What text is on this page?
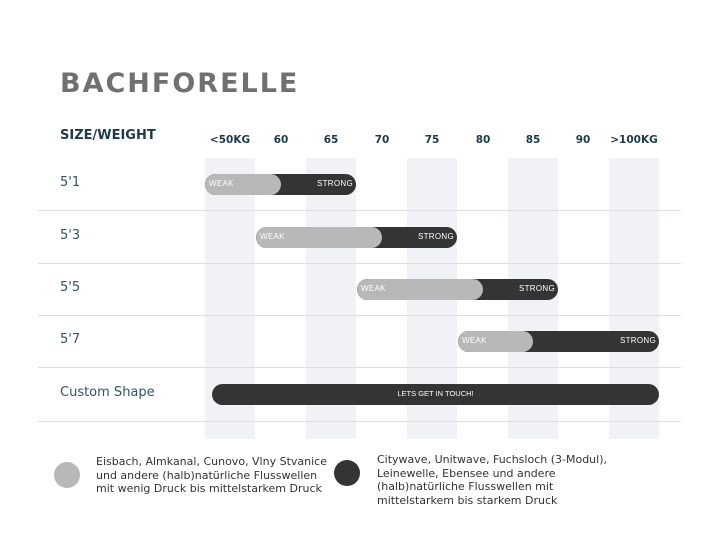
BACHFORELLE
SIZE/WEIGHT	<50KG	60	65	70	75	80	85	90	>100KG
5'1	WEAK	STRONG
5'3	WEAK	STRONG
5'5	WEAK	STRONG
5'7	WEAK	STRONG
Custom Shape	LETS GET IN TOUCH!
Eisbach, Almkanal, Cunovo, Vlny Stvanice
und andere (halb)natürliche Flusswellen
mit wenig Druck bis mittelstarkem Druck
Citywave, Unitwave, Fuchsloch (3-Modul),
Leinewelle, Ebensee und andere
(halb)natürliche Flusswellen mit
mittelstarkem bis starkem Druck
